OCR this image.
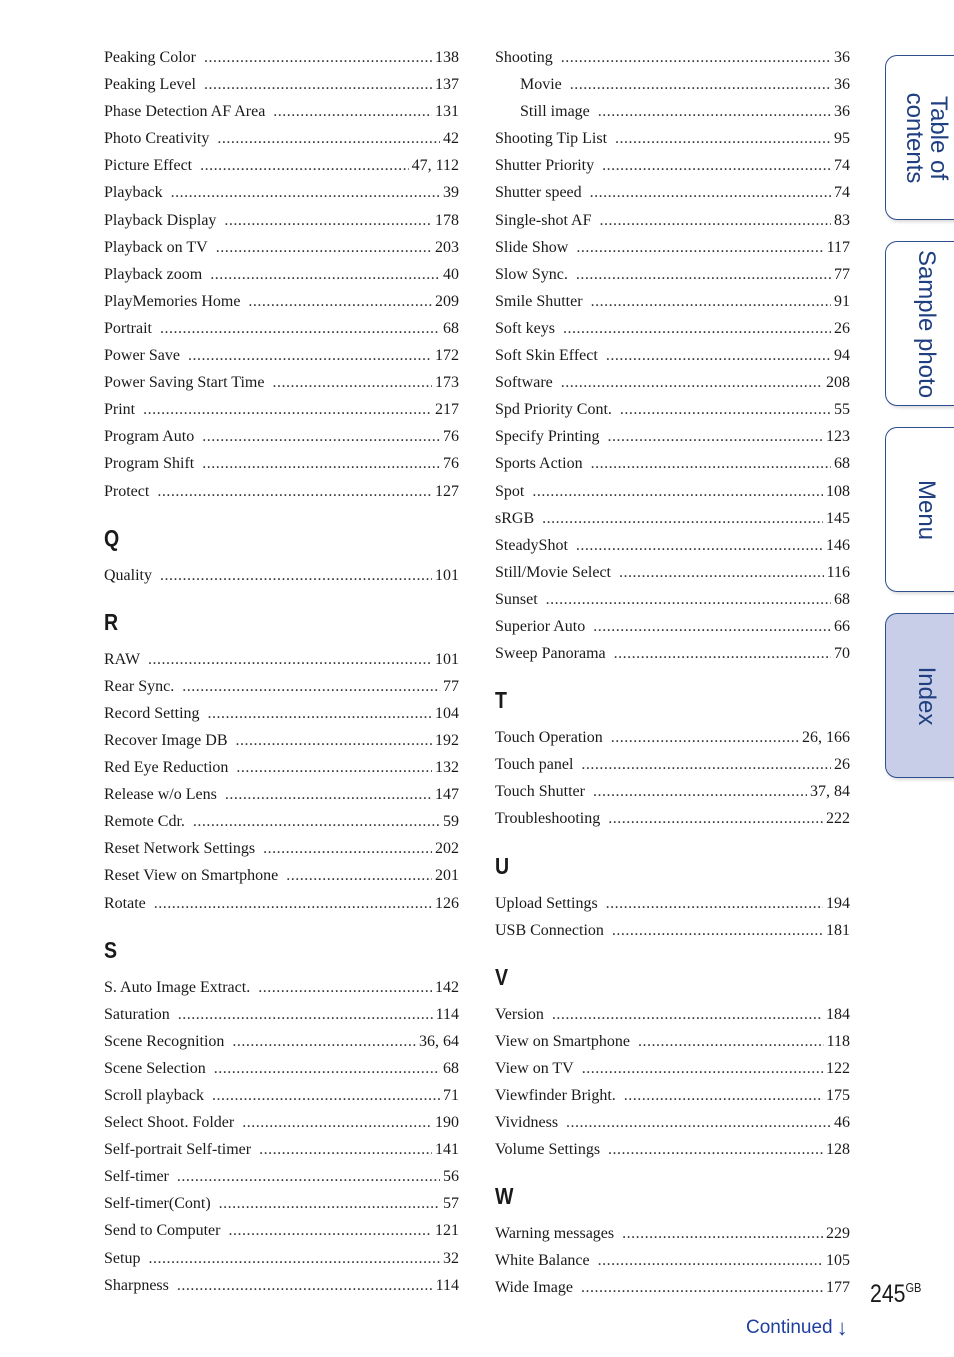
Peaking Color .....	138
Peaking Level .....	137
Phase Detection AF Area .....	131
Photo Creativity .....	42
Picture Effect .....	47, 112
Playback .....	39
Playback Display .....	178
Playback on TV .....	203
Playback zoom .....	40
PlayMemories Home .....	209
Portrait .....	68
Power Save .....	172
Power Saving Start Time .....	173
Print .....	217
Program Auto .....	76
Program Shift .....	76
Protect .....	127
Q
Quality .....	101
R
RAW .....	101
Rear Sync. .....	77
Record Setting .....	104
Recover Image DB .....	192
Red Eye Reduction .....	132
Release w/o Lens .....	147
Remote Cdr. .....	59
Reset Network Settings .....	202
Reset View on Smartphone .....	201
Rotate .....	126
S
S. Auto Image Extract. .....	142
Saturation .....	114
Scene Recognition .....	36, 64
Scene Selection .....	68
Scroll playback .....	71
Select Shoot. Folder .....	190
Self-portrait Self-timer .....	141
Self-timer .....	56
Self-timer(Cont) .....	57
Send to Computer .....	121
Setup .....	32
Sharpness .....	114
Shooting .....	36
Movie .....	36
Still image .....	36
Shooting Tip List .....	95
Shutter Priority .....	74
Shutter speed .....	74
Single-shot AF .....	83
Slide Show .....	117
Slow Sync. .....	77
Smile Shutter .....	91
Soft keys .....	26
Soft Skin Effect .....	94
Software .....	208
Spd Priority Cont. .....	55
Specify Printing .....	123
Sports Action .....	68
Spot .....	108
sRGB .....	145
SteadyShot .....	146
Still/Movie Select .....	116
Sunset .....	68
Superior Auto .....	66
Sweep Panorama .....	70
T
Touch Operation .....	26, 166
Touch panel .....	26
Touch Shutter .....	37, 84
Troubleshooting .....	222
U
Upload Settings .....	194
USB Connection .....	181
V
Version .....	184
View on Smartphone .....	118
View on TV .....	122
Viewfinder Bright. .....	175
Vividness .....	46
Volume Settings .....	128
W
Warning messages .....	229
White Balance .....	105
Wide Image .....	177
Table of contents
Sample photo
Menu
Index
$245^{GB}$
Continued ↓
